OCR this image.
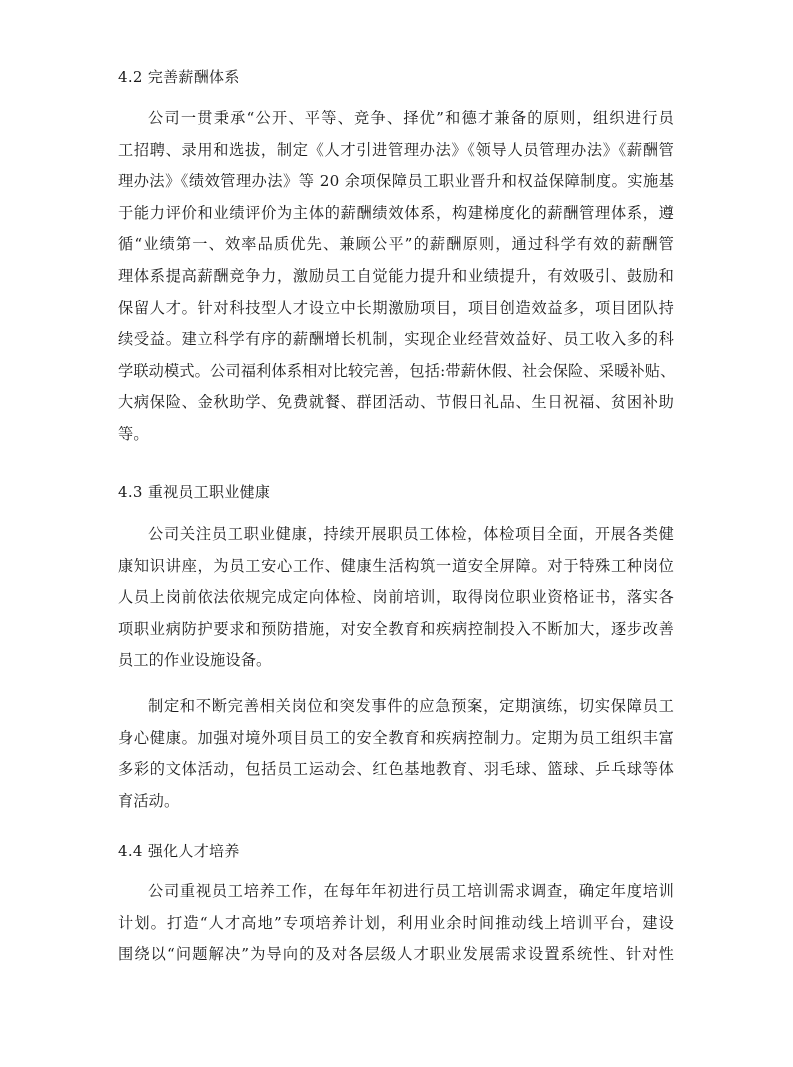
4.2 完善薪酬体系
公司一贯秉承“公开、平等、竞争、择优”和德才兼备的原则，组织进行员
工招聘、录用和选拔，制定《人才引进管理办法》《领导人员管理办法》《薪酬管
理办法》《绩效管理办法》等 20 余项保障员工职业晋升和权益保障制度。实施基
于能力评价和业绩评价为主体的薪酬绩效体系，构建梯度化的薪酬管理体系，遵
循“业绩第一、效率品质优先、兼顾公平”的薪酬原则，通过科学有效的薪酬管
理体系提高薪酬竞争力，激励员工自觉能力提升和业绩提升，有效吸引、鼓励和
保留人才。针对科技型人才设立中长期激励项目，项目创造效益多，项目团队持
续受益。建立科学有序的薪酬增长机制，实现企业经营效益好、员工收入多的科
学联动模式。公司福利体系相对比较完善，包括:带薪休假、社会保险、采暖补贴、
大病保险、金秋助学、免费就餐、群团活动、节假日礼品、生日祝福、贫困补助
等。
4.3 重视员工职业健康
公司关注员工职业健康，持续开展职员工体检，体检项目全面，开展各类健
康知识讲座，为员工安心工作、健康生活构筑一道安全屏障。对于特殊工种岗位
人员上岗前依法依规完成定向体检、岗前培训，取得岗位职业资格证书，落实各
项职业病防护要求和预防措施，对安全教育和疾病控制投入不断加大，逐步改善
员工的作业设施设备。
制定和不断完善相关岗位和突发事件的应急预案，定期演练，切实保障员工
身心健康。加强对境外项目员工的安全教育和疾病控制力。定期为员工组织丰富
多彩的文体活动，包括员工运动会、红色基地教育、羽毛球、篮球、乒乓球等体
育活动。
4.4 强化人才培养
公司重视员工培养工作，在每年年初进行员工培训需求调查，确定年度培训
计划。打造“人才高地”专项培养计划，利用业余时间推动线上培训平台，建设
围绕以“问题解决”为导向的及对各层级人才职业发展需求设置系统性、针对性
